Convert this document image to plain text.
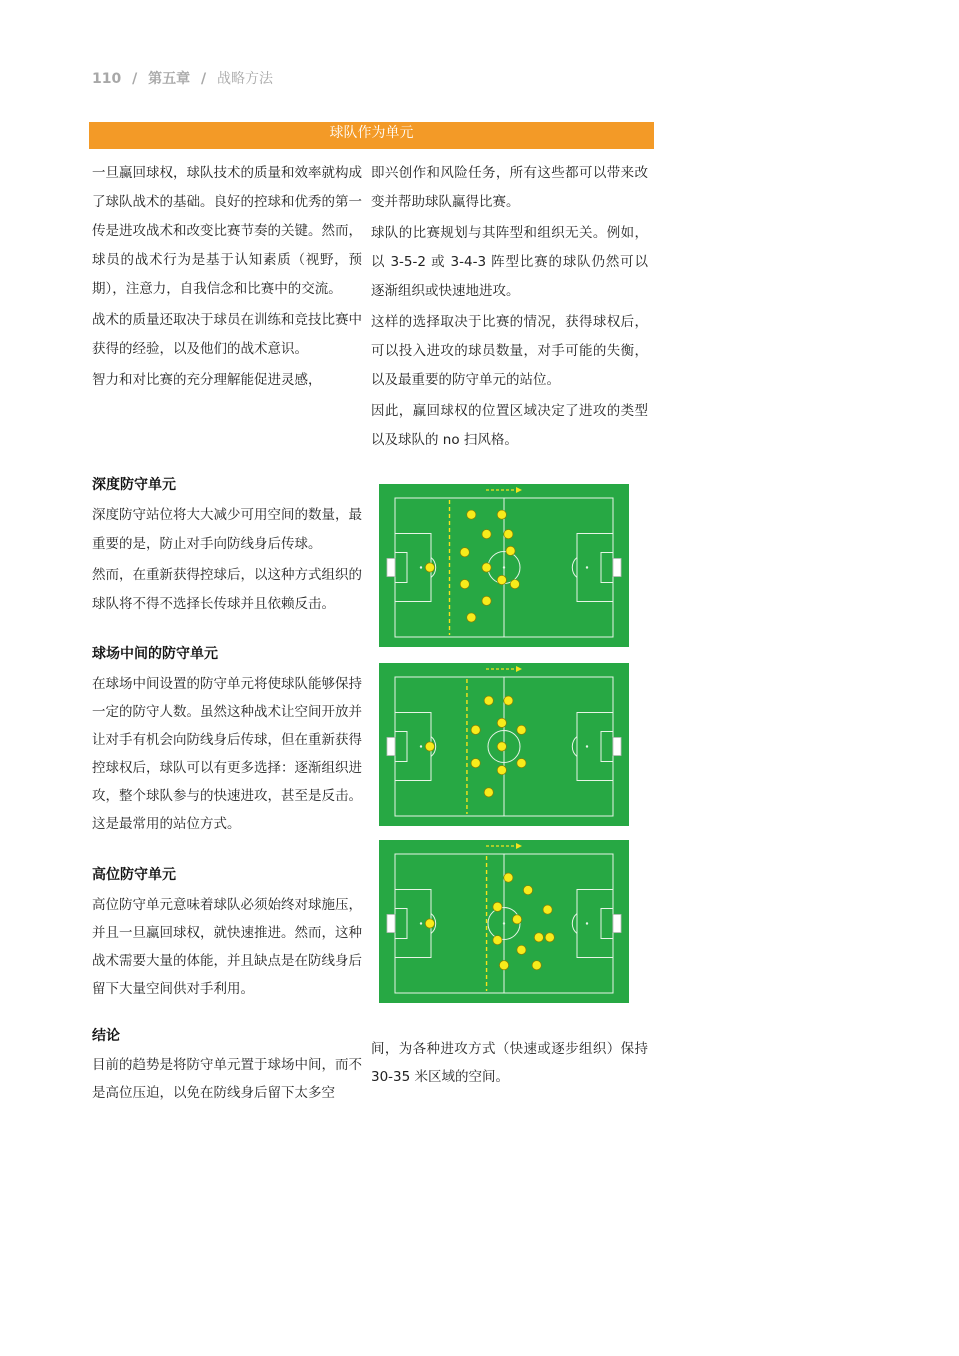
110 / 第五章 / 战略方法
球队作为单元

一旦赢回球权，球队技术的质量和效率就构成了球队战术的基础。良好的控球和优秀的第一传是进攻战术和改变比赛节奏的关键。然而，球员的战术行为是基于认知素质（视野，预期），注意力，自我信念和比赛中的交流。

战术的质量还取决于球员在训练和竞技比赛中获得的经验，以及他们的战术意识。

智力和对比赛的充分理解能促进灵感，

即兴创作和风险任务，所有这些都可以带来改变并帮助球队赢得比赛。

球队的比赛规划与其阵型和组织无关。例如，以 3-5-2 或 3-4-3 阵型比赛的球队仍然可以逐渐组织或快速地进攻。

这样的选择取决于比赛的情况，获得球权后，可以投入进攻的球员数量，对手可能的失衡，以及最重要的防守单元的站位。

因此，赢回球权的位置区域决定了进攻的类型以及球队的 no 扫风格。

深度防守单元

深度防守站位将大大减少可用空间的数量，最重要的是，防止对手向防线身后传球。

然而，在重新获得控球后，以这种方式组织的球队将不得不选择长传球并且依赖反击。

球场中间的防守单元

在球场中间设置的防守单元将使球队能够保持一定的防守人数。虽然这种战术让空间开放并让对手有机会向防线身后传球，但在重新获得控球权后，球队可以有更多选择：逐渐组织进攻，整个球队参与的快速进攻，甚至是反击。这是最常用的站位方式。

高位防守单元

高位防守单元意味着球队必须始终对球施压，并且一旦赢回球权，就快速推进。然而，这种战术需要大量的体能，并且缺点是在防线身后留下大量空间供对手利用。

结论
目前的趋势是将防守单元置于球场中间，而不是高位压迫，以免在防线身后留下太多空
间，为各种进攻方式（快速或逐步组织）保持 30-35 米区域的空间。
